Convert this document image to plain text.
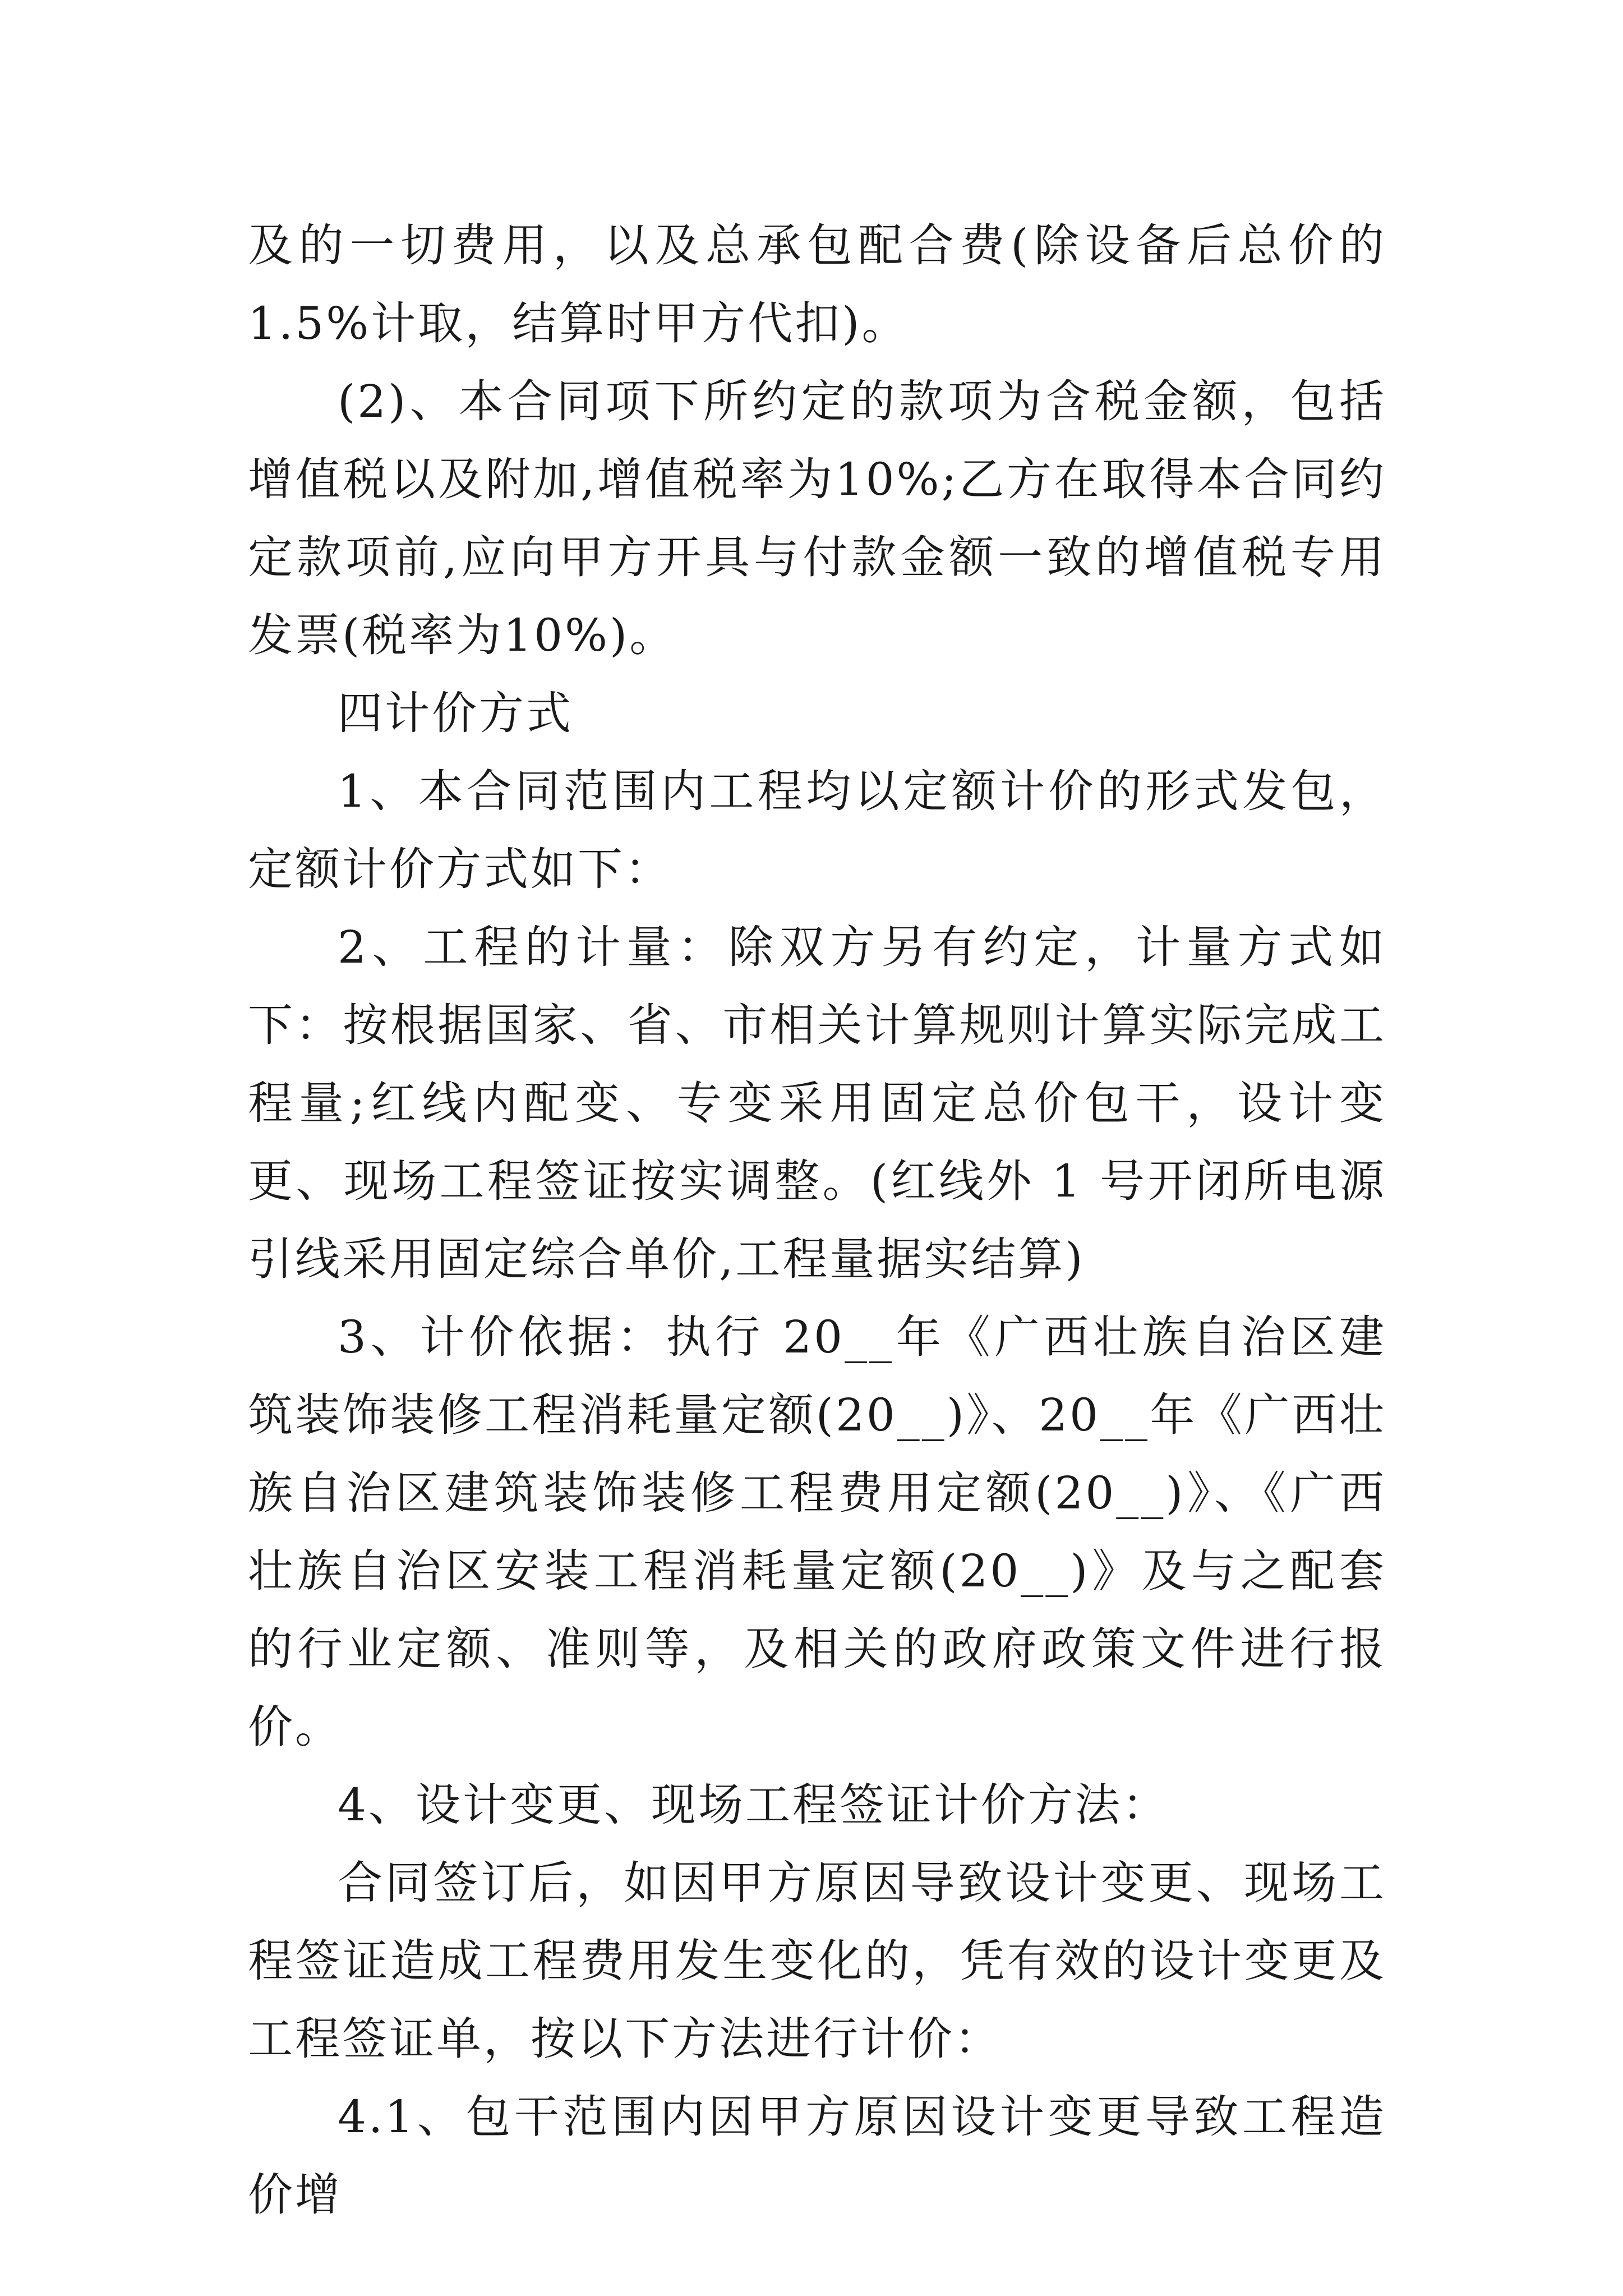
及的一切费用，以及总承包配合费(除设备后总价的 1.5%计取，结算时甲方代扣)。

(2)、本合同项下所约定的款项为含税金额，包括增值税以及附加,增值税率为10%;乙方在取得本合同约定款项前,应向甲方开具与付款金额一致的增值税专用发票(税率为10%)。

四计价方式

1、本合同范围内工程均以定额计价的形式发包，定额计价方式如下：

2、工程的计量：除双方另有约定，计量方式如下：按根据国家、省、市相关计算规则计算实际完成工程量;红线内配变、专变采用固定总价包干，设计变更、现场工程签证按实调整。(红线外 1 号开闭所电源引线采用固定综合单价,工程量据实结算)

3、计价依据：执行 20__年《广西壮族自治区建筑装饰装修工程消耗量定额(20__)》、20__年《广西壮族自治区建筑装饰装修工程费用定额(20__)》、《广西壮族自治区安装工程消耗量定额(20__)》及与之配套的行业定额、准则等，及相关的政府政策文件进行报价。

4、设计变更、现场工程签证计价方法：

合同签订后，如因甲方原因导致设计变更、现场工程签证造成工程费用发生变化的，凭有效的设计变更及工程签证单，按以下方法进行计价：

4.1、包干范围内因甲方原因设计变更导致工程造价增
